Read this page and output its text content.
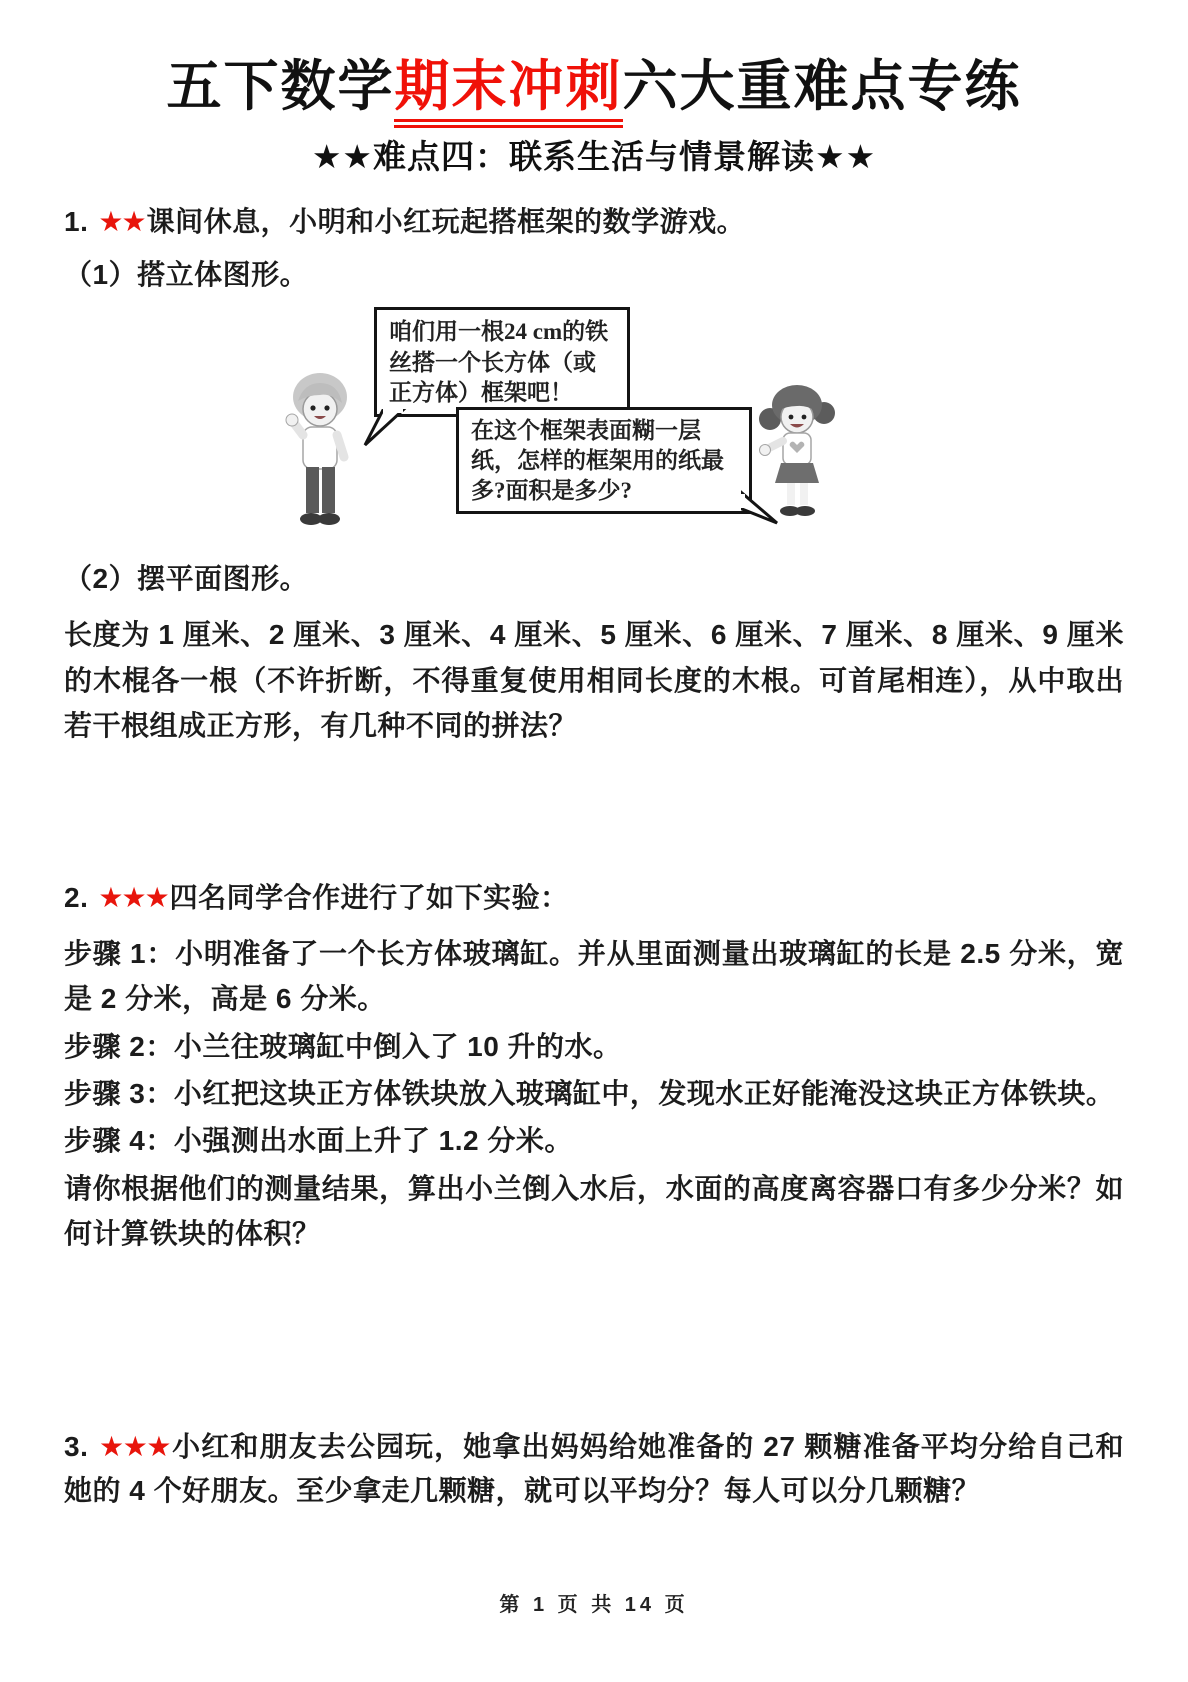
五下数学期末冲刺六大重难点专练
★★难点四：联系生活与情景解读★★
1. ★★课间休息，小明和小红玩起搭框架的数学游戏。
（1）搭立体图形。
咱们用一根24 cm的铁丝搭一个长方体（或正方体）框架吧！
在这个框架表面糊一层纸，怎样的框架用的纸最多?面积是多少?
（2）摆平面图形。
长度为 1 厘米、2 厘米、3 厘米、4 厘米、5 厘米、6 厘米、7 厘米、8 厘米、9 厘米的木棍各一根（不许折断，不得重复使用相同长度的木根。可首尾相连），从中取出若干根组成正方形，有几种不同的拼法？
2. ★★★四名同学合作进行了如下实验：
步骤 1：小明准备了一个长方体玻璃缸。并从里面测量出玻璃缸的长是 2.5 分米，宽是 2 分米，高是 6 分米。
步骤 2：小兰往玻璃缸中倒入了 10 升的水。
步骤 3：小红把这块正方体铁块放入玻璃缸中，发现水正好能淹没这块正方体铁块。
步骤 4：小强测出水面上升了 1.2 分米。
请你根据他们的测量结果，算出小兰倒入水后，水面的高度离容器口有多少分米？如何计算铁块的体积？
3. ★★★小红和朋友去公园玩，她拿出妈妈给她准备的 27 颗糖准备平均分给自己和她的 4 个好朋友。至少拿走几颗糖，就可以平均分？每人可以分几颗糖？
第 1 页 共 14 页
